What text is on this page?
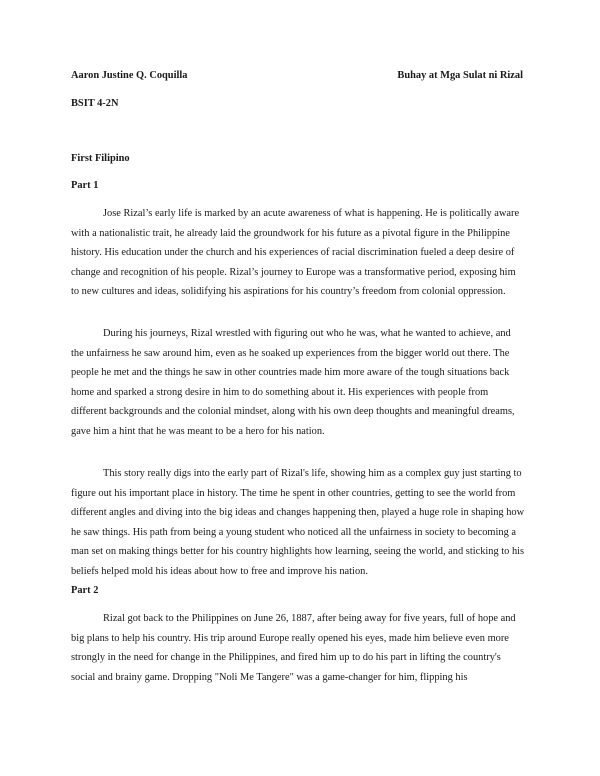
Aaron Justine Q. Coquilla	Buhay at Mga Sulat ni Rizal
BSIT 4-2N
First Filipino
Part 1

Jose Rizal’s early life is marked by an acute awareness of what is happening. He is politically aware with a nationalistic trait, he already laid the groundwork for his future as a pivotal figure in the Philippine history. His education under the church and his experiences of racial discrimination fueled a deep desire of change and recognition of his people. Rizal’s journey to Europe was a transformative period, exposing him to new cultures and ideas, solidifying his aspirations for his country’s freedom from colonial oppression.

During his journeys, Rizal wrestled with figuring out who he was, what he wanted to achieve, and the unfairness he saw around him, even as he soaked up experiences from the bigger world out there. The people he met and the things he saw in other countries made him more aware of the tough situations back home and sparked a strong desire in him to do something about it. His experiences with people from different backgrounds and the colonial mindset, along with his own deep thoughts and meaningful dreams, gave him a hint that he was meant to be a hero for his nation.

This story really digs into the early part of Rizal's life, showing him as a complex guy just starting to figure out his important place in history. The time he spent in other countries, getting to see the world from different angles and diving into the big ideas and changes happening then, played a huge role in shaping how he saw things. His path from being a young student who noticed all the unfairness in society to becoming a man set on making things better for his country highlights how learning, seeing the world, and sticking to his beliefs helped mold his ideas about how to free and improve his nation.

Part 2

Rizal got back to the Philippines on June 26, 1887, after being away for five years, full of hope and big plans to help his country. His trip around Europe really opened his eyes, made him believe even more strongly in the need for change in the Philippines, and fired him up to do his part in lifting the country's social and brainy game. Dropping "Noli Me Tangere" was a game-changer for him, flipping his
